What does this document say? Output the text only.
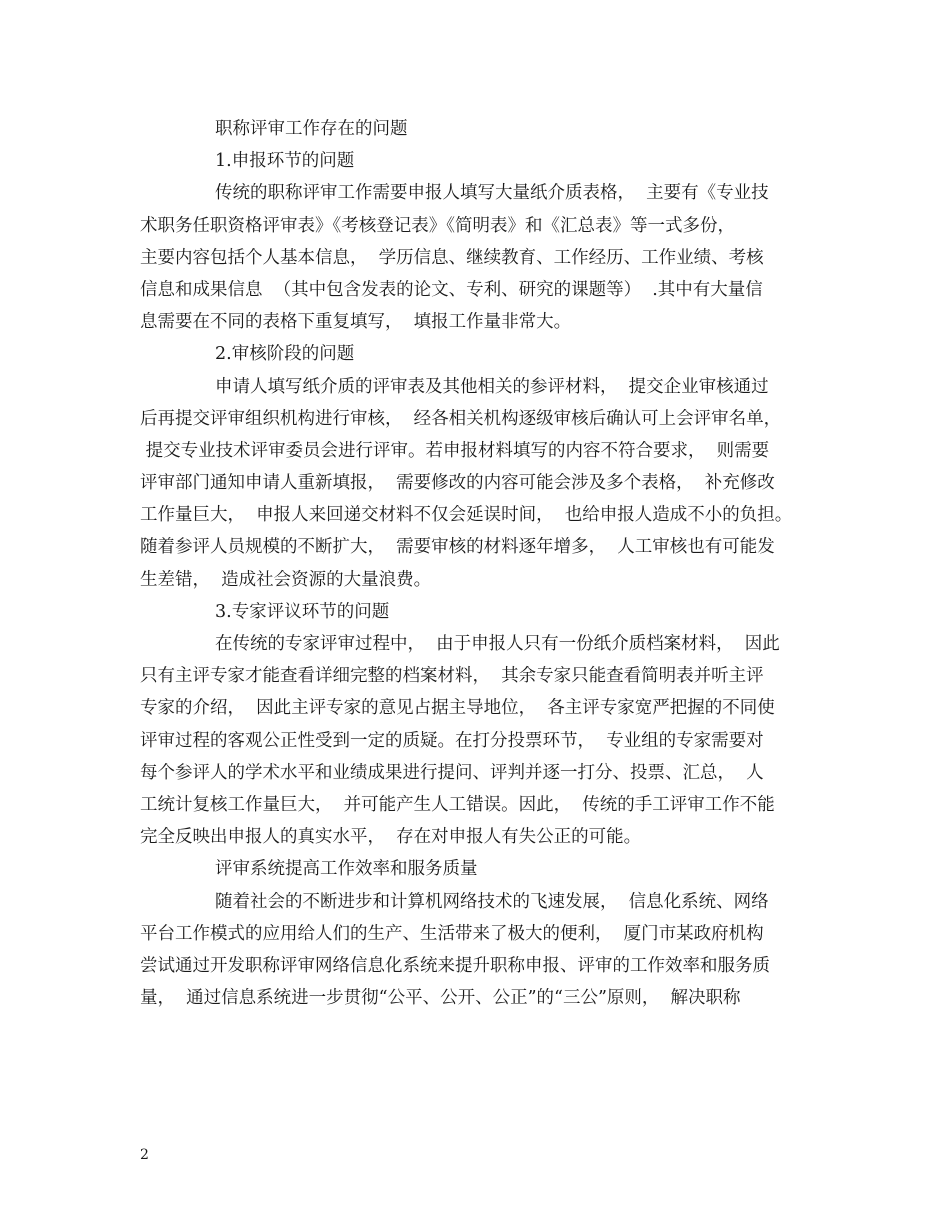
职称评审工作存在的问题
1.申报环节的问题
传统的职称评审工作需要申报人填写大量纸介质表格，  主要有《专业技
术职务任职资格评审表》《考核登记表》《简明表》和《汇总表》等一式多份，
主要内容包括个人基本信息，  学历信息、继续教育、工作经历、工作业绩、考核
信息和成果信息  （其中包含发表的论文、专利、研究的课题等）  .其中有大量信
息需要在不同的表格下重复填写，  填报工作量非常大。
2.审核阶段的问题
申请人填写纸介质的评审表及其他相关的参评材料，  提交企业审核通过
后再提交评审组织机构进行审核，  经各相关机构逐级审核后确认可上会评审名单，
提交专业技术评审委员会进行评审。若申报材料填写的内容不符合要求，  则需要
评审部门通知申请人重新填报，  需要修改的内容可能会涉及多个表格，  补充修改
工作量巨大，  申报人来回递交材料不仅会延误时间，  也给申报人造成不小的负担。
随着参评人员规模的不断扩大，  需要审核的材料逐年增多，  人工审核也有可能发
生差错，  造成社会资源的大量浪费。
3.专家评议环节的问题
在传统的专家评审过程中，  由于申报人只有一份纸介质档案材料，  因此
只有主评专家才能查看详细完整的档案材料，  其余专家只能查看简明表并听主评
专家的介绍，  因此主评专家的意见占据主导地位，  各主评专家宽严把握的不同使
评审过程的客观公正性受到一定的质疑。在打分投票环节，  专业组的专家需要对
每个参评人的学术水平和业绩成果进行提问、评判并逐一打分、投票、汇总，  人
工统计复核工作量巨大，  并可能产生人工错误。因此，  传统的手工评审工作不能
完全反映出申报人的真实水平，  存在对申报人有失公正的可能。
评审系统提高工作效率和服务质量
随着社会的不断进步和计算机网络技术的飞速发展，  信息化系统、网络
平台工作模式的应用给人们的生产、生活带来了极大的便利，  厦门市某政府机构
尝试通过开发职称评审网络信息化系统来提升职称申报、评审的工作效率和服务质
量，  通过信息系统进一步贯彻“公平、公开、公正”的“三公”原则，  解决职称
2
